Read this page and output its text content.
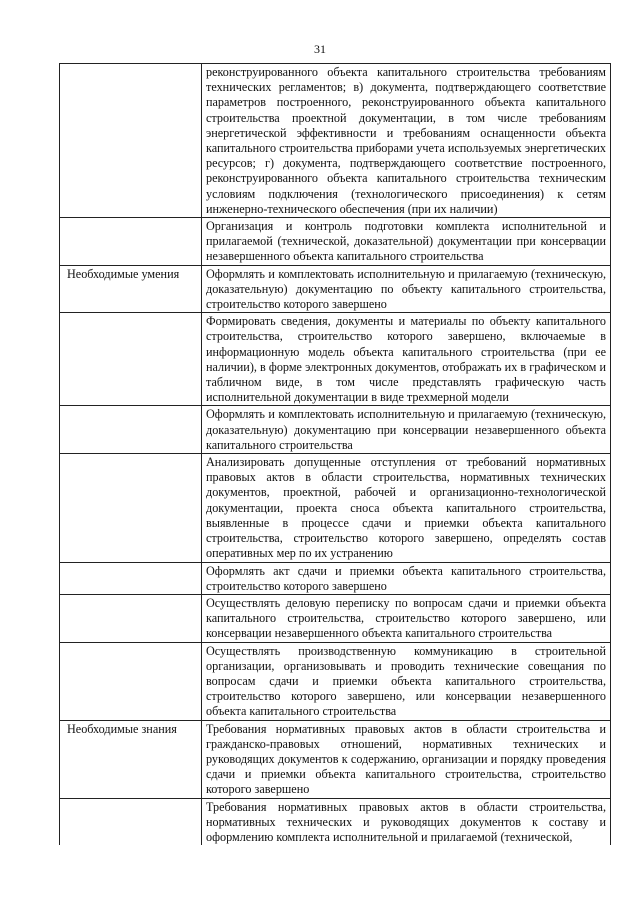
31
	реконструированного объекта капитального строительства требованиям технических регламентов; в) документа, подтверждающего соответствие параметров построенного, реконструированного объекта капитального строительства проектной документации, в том числе требованиям энергетической эффективности и требованиям оснащенности объекта капитального строительства приборами учета используемых энергетических ресурсов; г) документа, подтверждающего соответствие построенного, реконструированного объекта капитального строительства техническим условиям подключения (технологического присоединения) к сетям инженерно-технического обеспечения (при их наличии)
	Организация и контроль подготовки комплекта исполнительной и прилагаемой (технической, доказательной) документации при консервации незавершенного объекта капитального строительства
Необходимые умения	Оформлять и комплектовать исполнительную и прилагаемую (техническую, доказательную) документацию по объекту капитального строительства, строительство которого завершено
	Формировать сведения, документы и материалы по объекту капитального строительства, строительство которого завершено, включаемые в информационную модель объекта капитального строительства (при ее наличии), в форме электронных документов, отображать их в графическом и табличном виде, в том числе представлять графическую часть исполнительной документации в виде трехмерной модели
	Оформлять и комплектовать исполнительную и прилагаемую (техническую, доказательную) документацию при консервации незавершенного объекта капитального строительства
	Анализировать допущенные отступления от требований нормативных правовых актов в области строительства, нормативных технических документов, проектной, рабочей и организационно-технологической документации, проекта сноса объекта капитального строительства, выявленные в процессе сдачи и приемки объекта капитального строительства, строительство которого завершено, определять состав оперативных мер по их устранению
	Оформлять акт сдачи и приемки объекта капитального строительства, строительство которого завершено
	Осуществлять деловую переписку по вопросам сдачи и приемки объекта капитального строительства, строительство которого завершено, или консервации незавершенного объекта капитального строительства
	Осуществлять производственную коммуникацию в строительной организации, организовывать и проводить технические совещания по вопросам сдачи и приемки объекта капитального строительства, строительство которого завершено, или консервации незавершенного объекта капитального строительства
Необходимые знания	Требования нормативных правовых актов в области строительства и гражданско-правовых отношений, нормативных технических и руководящих документов к содержанию, организации и порядку проведения сдачи и приемки объекта капитального строительства, строительство которого завершено
	Требования нормативных правовых актов в области строительства, нормативных технических и руководящих документов к составу и оформлению комплекта исполнительной и прилагаемой (технической,
